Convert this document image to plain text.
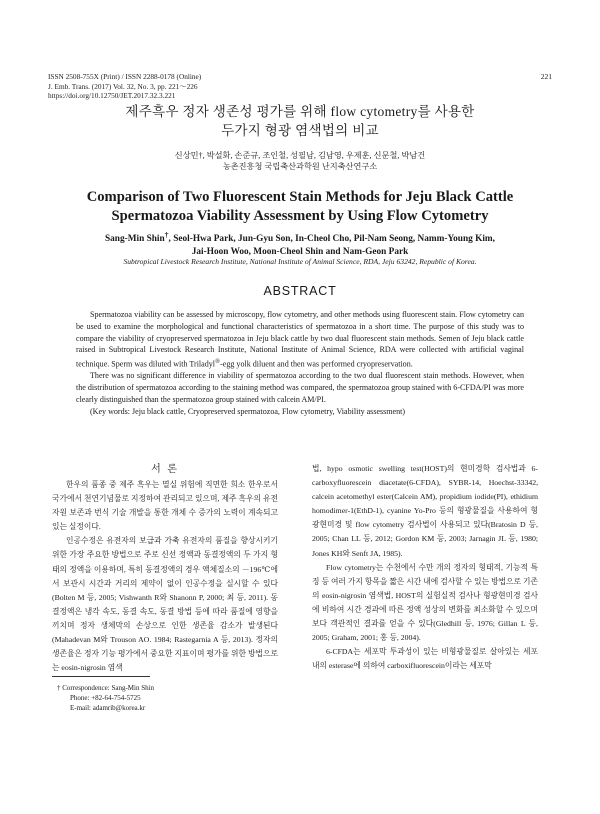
ISSN 2508-755X (Print) / ISSN 2288-0178 (Online)
J. Emb. Trans. (2017) Vol. 32, No. 3, pp. 221～226
https://doi.org/10.12750/JET.2017.32.3.221
221
제주흑우 정자 생존성 평가를 위해 flow cytometry를 사용한
두가지 형광 염색법의 비교
신상민†, 박설화, 손준규, 조인철, 성필남, 김남영, 우제훈, 신문철, 박남건
농촌진흥청 국립축산과학원 난지축산연구소
Comparison of Two Fluorescent Stain Methods for Jeju Black Cattle
Spermatozoa Viability Assessment by Using Flow Cytometry
Sang-Min Shin†, Seol-Hwa Park, Jun-Gyu Son, In-Cheol Cho, Pil-Nam Seong, Namm-Young Kim,
Jai-Hoon Woo, Moon-Cheol Shin and Nam-Geon Park
Subtropical Livestock Research Institute, National Institute of Animal Science, RDA, Jeju 63242, Republic of Korea.
ABSTRACT

Spermatozoa viability can be assessed by microscopy, flow cytometry, and other methods using fluorescent stain. Flow cytometry can be used to examine the morphological and functional characteristics of spermatozoa in a short time. The purpose of this study was to compare the viability of cryopreserved spermatozoa in Jeju black cattle by two dual fluorescent stain methods. Semen of Jeju black cattle raised in Subtropical Livestock Research Institute, National Institute of Animal Science, RDA were collected with artificial vaginal technique. Sperm was diluted with Triladyl®-egg yolk diluent and then was performed cryopreservation.

There was no significant difference in viability of spermatozoa according to the two dual fluorescent stain methods. However, when the distribution of spermatozoa according to the staining method was compared, the spermatozoa group stained with 6-CFDA/PI was more clearly distinguished than the spermatozoa group stained with calcein AM/PI.

(Key words: Jeju black cattle, Cryopreserved spermatozoa, Flow cytometry, Viability assessment)

서 론

한우의 품종 중 제주 흑우는 멸실 위험에 직면한 희소 한우로서 국가에서 천연기념물로 지정하여 관리되고 있으며, 제주 흑우의 유전자원 보존과 번식 기술 개발을 통한 개체 수 증가의 노력이 계속되고 있는 실정이다.

인공수정은 유전자의 보급과 가축 유전자의 품질을 향상시키기 위한 가장 주요한 방법으로 주로 신선 정액과 동결정액의 두 가지 형태의 정액을 이용하며, 특히 동결정액의 경우 액체질소의 －196℃에서 보관시 시간과 거리의 제약이 없이 인공수정을 실시할 수 있다(Bolten M 등, 2005; Vishwanth R와 Shanonn P, 2000; 최 등, 2011). 동결정액은 냉각 속도, 동결 속도, 동결 방법 등에 따라 품질에 영향을 끼치며 정자 생체막의 손상으로 인한 생존율 감소가 발생된다(Mahadevan M와 Trouson AO. 1984; Rastegarnia A 등, 2013). 정자의 생존율은 정자 기능 평가에서 중요한 지표이며 평가를 위한 방법으로는 eosin-nigrosin 염색

법, hypo osmotic swelling test(HOST)의 현미경학 검사법과 6-carboxyfluorescein diacetate(6-CFDA), SYBR-14, Hoechst-33342, calcein acetomethyl ester(Calcein AM), propidium iodide(PI), ethidium homodimer-1(EthD-1), cyanine Yo-Pro 등의 형광물질을 사용하여 형광현미경 및 flow cytometry 검사법이 사용되고 있다(Bratosin D 등, 2005; Chan LL 등, 2012; Gordon KM 등, 2003; Jarnagin JL 등, 1980; Jones KH와 Senft JA, 1985).

Flow cytometry는 수천에서 수만 개의 정자의 형태적, 기능적 특징 등 여러 가지 항목을 짧은 시간 내에 검사할 수 있는 방법으로 기존의 eosin-nigrosin 염색법, HOST의 실험실적 검사나 형광현미경 검사에 비하여 시간 경과에 따른 정액 성상의 변화를 최소화할 수 있으며 보다 객관적인 결과를 얻을 수 있다(Gledhill 등, 1976; Gillan L 등, 2005; Graham, 2001; 홍 등, 2004).

6-CFDA는 세포막 투과성이 있는 비형광물질로 살아있는 세포 내의 esterase에 의하여 carboxifluorescein이라는 세포막

† Correspondence: Sang-Min Shin
Phone: +82-64-754-5725
E-mail: adamrib@korea.kr
